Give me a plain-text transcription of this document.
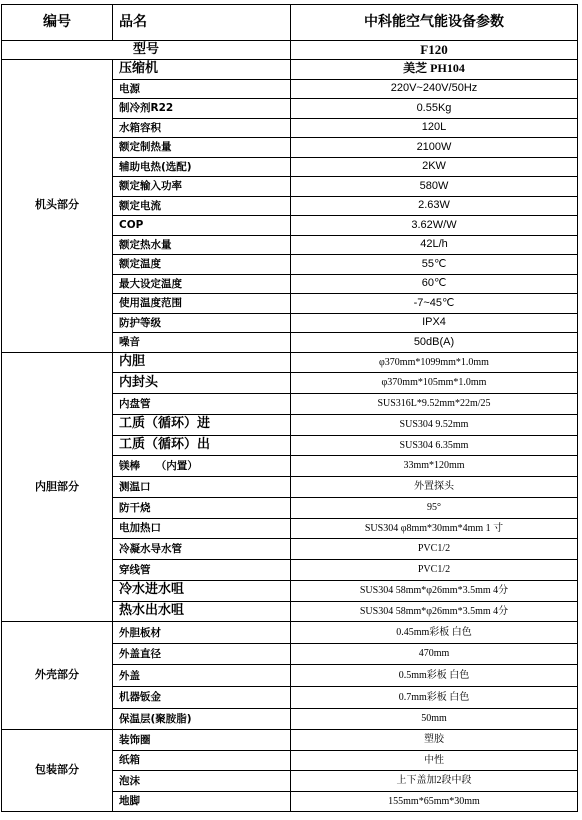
编号	品名	中科能空气能设备参数
型号		F120
机头部分	压缩机	美芝 PH104
	电源	220V~240V/50Hz
	制冷剂R22	0.55Kg
	水箱容积	120L
	额定制热量	2100W
	辅助电热(选配)	2KW
	额定输入功率	580W
	额定电流	2.63W
	COP	3.62W/W
	额定热水量	42L/h
	额定温度	55℃
	最大设定温度	60℃
	使用温度范围	-7~45℃
	防护等级	IPX4
	噪音	50dB(A)
内胆部分	内胆	φ370mm*1099mm*1.0mm
	内封头	φ370mm*105mm*1.0mm
	内盘管	SUS316L*9.52mm*22m/25
	工质（循环）进	SUS304 9.52mm
	工质（循环）出	SUS304 6.35mm
	镁棒　　（内置）	33mm*120mm
	测温口	外置探头
	防干烧	95°
	电加热口	SUS304 φ8mm*30mm*4mm 1 寸
	冷凝水导水管	PVC1/2
	穿线管	PVC1/2
	冷水进水咀	SUS304 58mm*φ26mm*3.5mm 4分
	热水出水咀	SUS304 58mm*φ26mm*3.5mm 4分
外壳部分	外胆板材	0.45mm彩板 白色
	外盖直径	470mm
	外盖	0.5mm彩板 白色
	机器钣金	0.7mm彩板 白色
	保温层(聚胺脂)	50mm
包装部分	装饰圈	塑胶
	纸箱	中性
	泡沫	上下盖加2段中段
	地脚	155mm*65mm*30mm
